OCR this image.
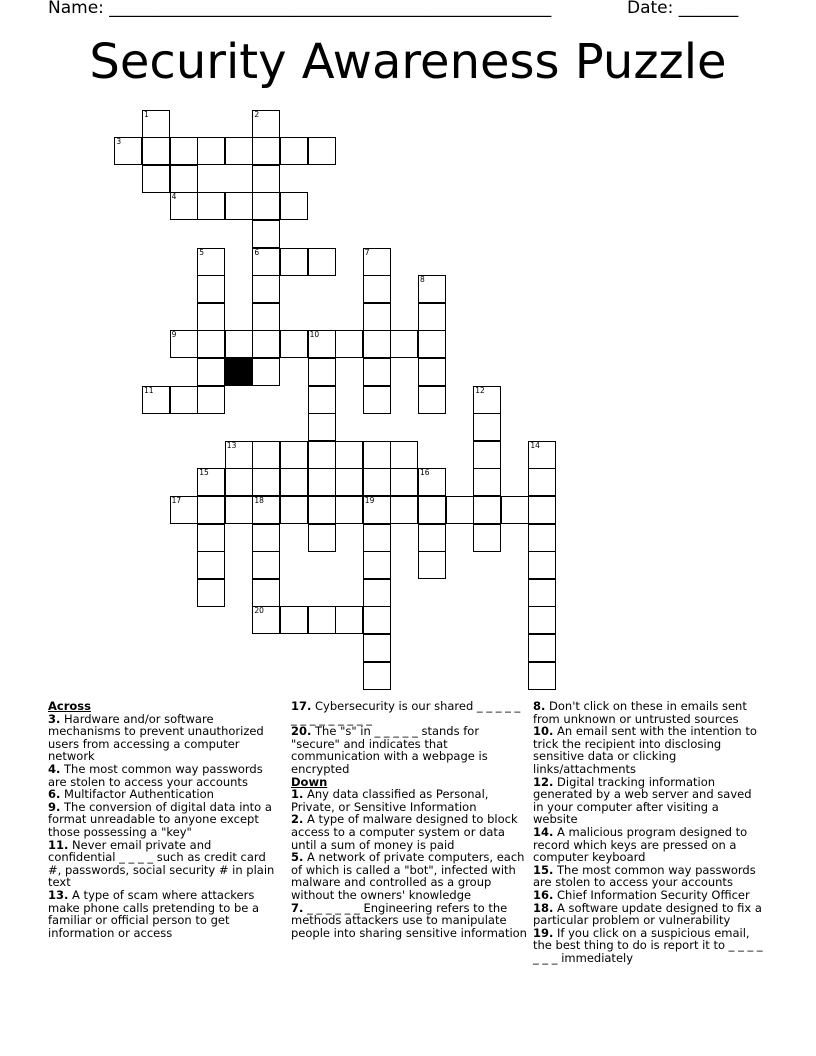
Name: ____________________________________________________	Date: _______
Security Awareness Puzzle
1	2
3
4
5	6	7
8
9	10
11	12
13	14
15	16
17	18	19
20

Across

3. Hardware and/or software mechanisms to prevent unauthorized users from accessing a computer network
4. The most common way passwords are stolen to access your accounts
6. Multifactor Authentication
9. The conversion of digital data into a format unreadable to anyone except those possessing a "key"
11. Never email private and confidential _ _ _ _ such as credit card #, passwords, social security # in plain text
13. A type of scam where attackers make phone calls pretending to be a familiar or official person to get information or access
17. Cybersecurity is our shared _ _ _ _ _ _ _ _ _ _ _ _ _ _
20. The "s" in _ _ _ _ _ stands for "secure" and indicates that communication with a webpage is encrypted

Down

1. Any data classified as Personal, Private, or Sensitive Information
2. A type of malware designed to block access to a computer system or data until a sum of money is paid
5. A network of private computers, each of which is called a "bot", infected with malware and controlled as a group without the owners' knowledge
7. _ _ _ _ _ _ Engineering refers to the methods attackers use to manipulate people into sharing sensitive information
8. Don't click on these in emails sent from unknown or untrusted sources
10. An email sent with the intention to trick the recipient into disclosing sensitive data or clicking links/attachments
12. Digital tracking information generated by a web server and saved in your computer after visiting a website
14. A malicious program designed to record which keys are pressed on a computer keyboard
15. The most common way passwords are stolen to access your accounts
16. Chief Information Security Officer
18. A software update designed to fix a particular problem or vulnerability
19. If you click on a suspicious email, the best thing to do is report it to _ _ _ _ _ _ _ immediately
